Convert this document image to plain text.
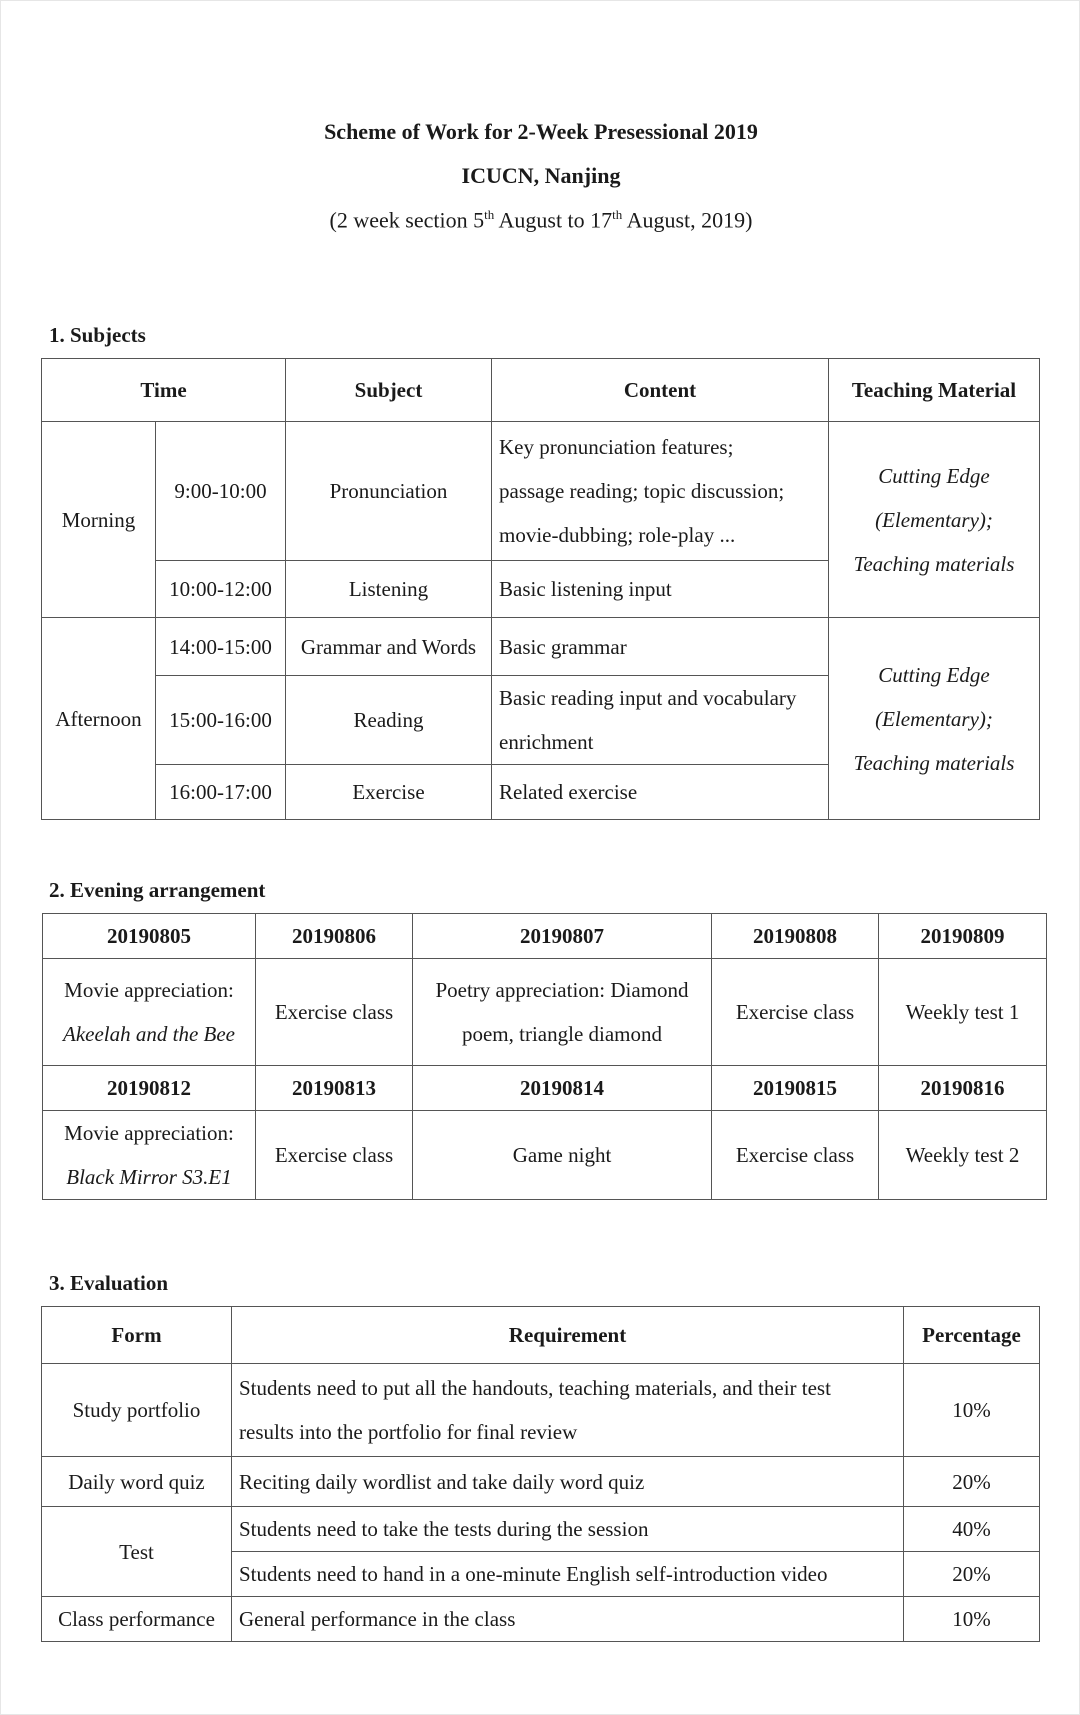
Scheme of Work for 2-Week Presessional 2019
ICUCN, Nanjing
(2 week section 5th August to 17th August, 2019)
1. Subjects
Time		Subject	Content	Teaching Material
Morning	9:00-10:00	Pronunciation	Key pronunciation features;
passage reading; topic discussion;
movie-dubbing; role-play ...	Cutting Edge
(Elementary);
Teaching materials

	10:00-12:00	Listening	Basic listening input	
Afternoon	14:00-15:00	Grammar and Words	Basic grammar	Cutting Edge
(Elementary);
Teaching materials

	15:00-16:00	Reading	Basic reading input and vocabulary
enrichment	

	16:00-17:00	Exercise	Related exercise	
2. Evening arrangement
20190805	20190806	20190807	20190808	20190809

Movie appreciation:
Akeelah and the Bee	Exercise class	Poetry appreciation: Diamond
poem, triangle diamond	Exercise class	Weekly test 1
20190812	20190813	20190814	20190815	20190816

Movie appreciation:
Black Mirror S3.E1	Exercise class	Game night	Exercise class	Weekly test 2
3. Evaluation
Form	Requirement	Percentage
Study portfolio	Students need to put all the handouts, teaching materials, and their test
results into the portfolio for final review	10%
Daily word quiz	Reciting daily wordlist and take daily word quiz	20%
Test	Students need to take the tests during the session	40%
	Students need to hand in a one-minute English self-introduction video	20%
Class performance	General performance in the class	10%
